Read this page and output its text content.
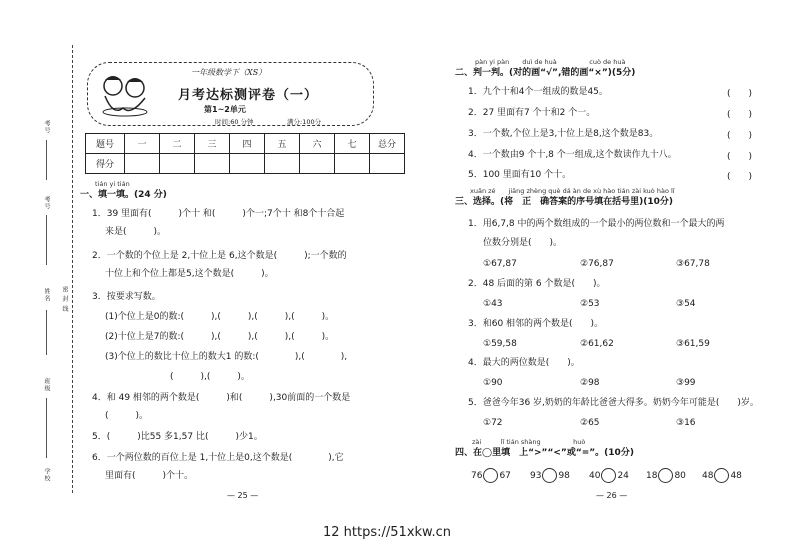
考号
考号
姓名 密 封 线
班级
学校
一年级数学下（XS）
月考达标测评卷（一）
第1~2单元
时间:60 分钟	满分:100分
题号	一	二	三	四	五	六	七	总分
得分								
tián yi tián
一、填一填。(24 分)
1．39 里面有(　　　)个十 和(　　　)个一;7个十 和8个十合起
来是(　　　)。
2．一个数的个位上是 2,十位上是 6,这个数是(　　　);一个数的
十位上和个位上都是5,这个数是(　　　)。
3．按要求写数。
(1)个位上是0的数:(　　　),(　　　),(　　　),(　　　)。
(2)十位上是7的数:(　　　),(　　　),(　　　),(　　　)。
(3)个位上的数比十位上的数大1 的数:(　　　　),(　　　　),
(　　　),(　　　)。
4．和 49 相邻的两个数是(　　　)和(　　　),30前面的一个数是
(　　　)。
5．(　　　)比55 多1,57 比(　　　)少1。
6．一个两位数的百位上是 1,十位上是0,这个数是(　　　　),它
里面有(　　　)个十。
— 25 —
pàn yi pàn　　duì de huà　　　　　cuò de huà
二、判一判。(对的画“√”,错的画“×”)(5分)
1．九个十和4个一组成的数是45。	(　　)
2．27 里面有7 个十和2 个一。	(　　)
3．一个数,个位上是3,十位上是8,这个数是83。	(　　)
4．一个数由9 个十,8 个一组成,这个数读作九十八。	(　　)
5．100 里面有10 个十。	(　　)
xuǎn zé　　jiāng zhèng què dá àn de xù hào tián zài kuò hào lǐ
三、选择。(将　正　确答案的序号填在括号里)(10分)
1．用6,7,8 中的两个数组成的一个最小的两位数和一个最大的两
位数分别是(　　)。
①67,87	②76,87	③67,78
2．48 后面的第 6 个数是(　　)。
①43	②53	③54
3．和60 相邻的两个数是(　　)。
①59,58	②61,62	③61,59
4．最大的两位数是(　　)。
①90	②98	③99
5．爸爸今年36 岁,奶奶的年龄比爸爸大得多。奶奶今年可能是(　　)岁。
①72	②65	③16
zài　　　lǐ tián shàng　　　　　huò
四、在◯里填　上“>”“<”或“=”。(10分)
76 67 93 98 40 24 18 80 48 48
— 26 —
12 https://51xkw.cn
